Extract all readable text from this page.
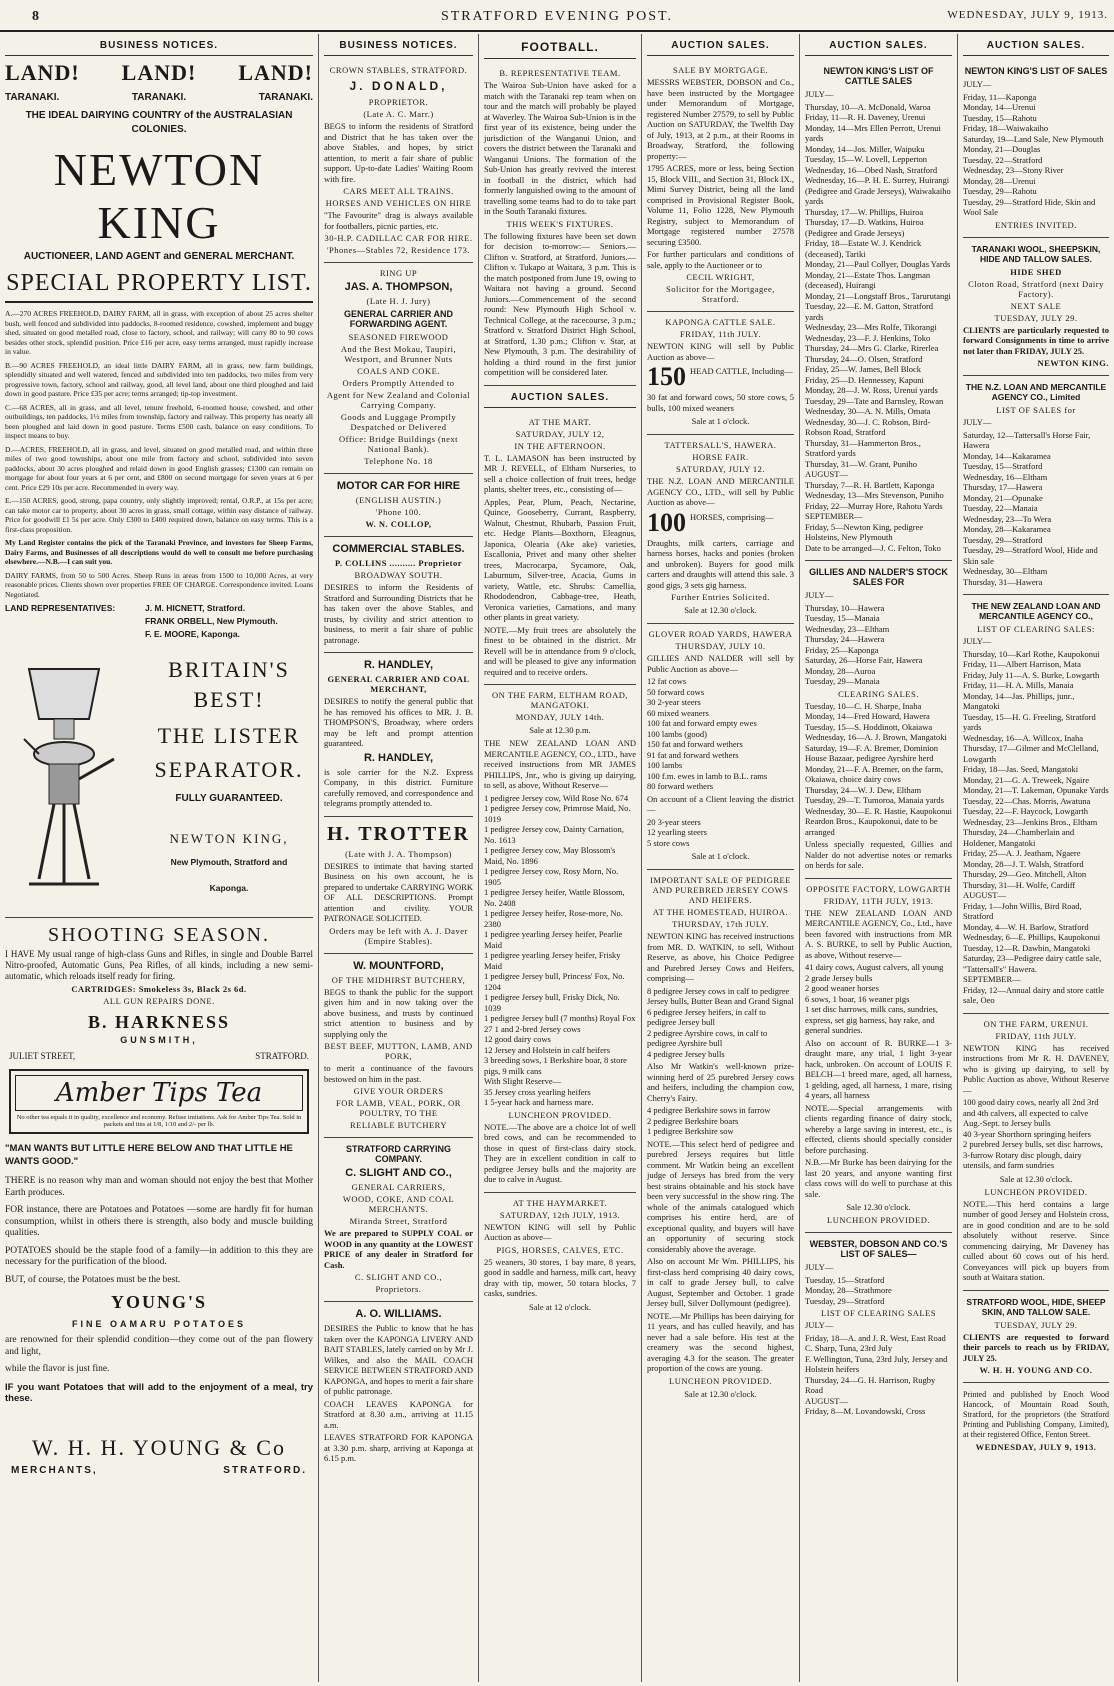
8	STRATFORD EVENING POST.	WEDNESDAY, JULY 9, 1913.
BUSINESS NOTICES.
LAND! LAND! LAND!
TARANAKI.	TARANAKI.	TARANAKI.
THE IDEAL DAIRYING COUNTRY of the AUSTRALASIAN COLONIES.
NEWTON KING
AUCTIONEER, LAND AGENT and GENERAL MERCHANT.
SPECIAL PROPERTY LIST.
A.—270 ACRES FREEHOLD, DAIRY FARM, all in grass, with exception of about 25 acres shelter bush, well fenced and subdivided into paddocks, 8-roomed residence, cowshed, implement and buggy shed, situated on good metalled road, close to factory, school, and railway; will carry 80 to 90 cows besides other stock, splendid position. Price £16 per acre, easy terms arranged, must rapidly increase in value.
B.—90 ACRES FREEHOLD, an ideal little DAIRY FARM, all in grass, new farm buildings, splendidly situated and well watered, fenced and subdivided into ten paddocks, two miles from very progressive town, factory, school and railway, good, all level land, about one third ploughed and laid down in good pasture. Price £35 per acre; terms arranged; tip-top investment.
C.—68 ACRES, all in grass, and all level, tenure freehold, 6-roomed house, cowshed, and other outbuildings, ten paddocks, 1½ miles from township, factory and railway. This property has nearly all been ploughed and laid down in good pasture. Terms £500 cash, balance on easy conditions. To inspect means to buy.
D.—ACRES, FREEHOLD, all in grass, and level, situated on good metalled road, and within three miles of two good townships, about one mile from factory and school, subdivided into seven paddocks, about 30 acres ploughed and relaid down in good English grasses; £1300 can remain on mortgage for about four years at 6 per cent, and £800 on second mortgage for seven years at 6 per cent. Price £29 10s per acre. Recommended in every way.
E.—150 ACRES, good, strong, papa country, only slightly improved; rental, O.R.P., at 15s per acre; can take motor car to property, about 30 acres in grass, small cottage, within easy distance of railway. Price for goodwill £1 5s per acre. Only £300 to £400 required down, balance on easy terms. This is a first-class proposition.
My Land Register contains the pick of the Taranaki Province, and investors for Sheep Farms, Dairy Farms, and Businesses of all descriptions would do well to consult me before purchasing elsewhere.—N.B.—I can suit you.
DAIRY FARMS, from 50 to 500 Acres. Sheep Runs in areas from 1500 to 10,000 Acres, at very reasonable prices. Clients shown over properties FREE OF CHARGE. Correspondence invited. Loans Negotiated.
LAND REPRESENTATIVES:	J. M. HICNETT, Stratford.
FRANK ORBELL, New Plymouth.
F. E. MOORE, Kaponga.
BRITAIN'S
BEST!
THE LISTER
SEPARATOR.
FULLY GUARANTEED.
NEWTON KING,
New Plymouth, Stratford and
Kaponga.
SHOOTING SEASON.
I HAVE My usual range of high-class Guns and Rifles, in single and Double Barrel Nitro-proofed, Automatic Guns, Pea Rifles, of all kinds, including a new semi-automatic, which reloads itself ready for firing.
CARTRIDGES: Smokeless 3s, Black 2s 6d.
ALL GUN REPAIRS DONE.
B. HARKNESS
GUNSMITH,
JULIET STREET,	STRATFORD.
Amber Tips Tea
No other tea equals it in quality, excellence and economy. Refuse imitations. Ask for Amber Tips Tea. Sold in packets and tins at 1/8, 1/10 and 2/- per lb.
"MAN WANTS BUT LITTLE HERE BELOW AND THAT LITTLE HE WANTS GOOD."
THERE is no reason why man and woman should not enjoy the best that Mother Earth produces.
FOR instance, there are Potatoes and Potatoes —some are hardly fit for human consumption, whilst in others there is strength, also body and muscle building qualities.
POTATOES should be the staple food of a family—in addition to this they are necessary for the purification of the blood.
BUT, of course, the Potatoes must be the best.
YOUNG'S
FINE OAMARU POTATOES
are renowned for their splendid condition—they come out of the pan flowery and light,
while the flavor is just fine.
IF you want Potatoes that will add to the enjoyment of a meal, try these.
W. H. H. YOUNG & Co
MERCHANTS,	STRATFORD.
BUSINESS NOTICES.
CROWN STABLES, STRATFORD.
J. DONALD,
PROPRIETOR.
(Late A. C. Marr.)
BEGS to inform the residents of Stratford and District that he has taken over the above Stables, and hopes, by strict attention, to merit a fair share of public support. Up-to-date Ladies' Waiting Room with fire.
CARS MEET ALL TRAINS.
HORSES AND VEHICLES ON HIRE
"The Favourite" drag is always available for footballers, picnic parties, etc.
30-H.P. CADILLAC CAR FOR HIRE.
'Phones—Stables 72, Residence 173.
RING UP
JAS. A. THOMPSON,
(Late H. J. Jury)
GENERAL CARRIER AND FORWARDING AGENT.
SEASONED FIREWOOD
And the Best Mokau, Taupiri, Westport, and Brunner Nuts
COALS AND COKE.
Orders Promptly Attended to
Agent for New Zealand and Colonial Carrying Company.
Goods and Luggage Promptly Despatched or Delivered
Office: Bridge Buildings (next National Bank).
Telephone No. 18
MOTOR CAR FOR HIRE
(ENGLISH AUSTIN.)
'Phone 100.
W. N. COLLOP,
COMMERCIAL STABLES.
P. COLLINS .......... Proprietor
BROADWAY SOUTH.
DESIRES to inform the Residents of Stratford and Surrounding Districts that he has taken over the above Stables, and trusts, by civility and strict attention to business, to merit a fair share of public patronage.
R. HANDLEY,
GENERAL CARRIER AND COAL MERCHANT,
DESIRES to notify the general public that he has removed his offices to MR. J. B. THOMPSON'S, Broadway, where orders may be left and prompt attention guaranteed.
R. HANDLEY,
is sole carrier for the N.Z. Express Company, in this district. Furniture carefully removed, and correspondence and telegrams promptly attended to.
H. TROTTER
(Late with J. A. Thompson)
DESIRES to intimate that having started Business on his own account, he is prepared to undertake CARRYING WORK OF ALL DESCRIPTIONS. Prompt attention and civility. YOUR PATRONAGE SOLICITED.
Orders may be left with A. J. Daver (Empire Stables).
W. MOUNTFORD,
OF THE MIDHIRST BUTCHERY,
BEGS to thank the public for the support given him and in now taking over the above business, and trusts by continued strict attention to business and by supplying only the
BEST BEEF, MUTTON, LAMB, AND PORK,
to merit a continuance of the favours bestowed on him in the past.
GIVE YOUR ORDERS
FOR LAMB, VEAL, PORK, OR POULTRY, TO THE
RELIABLE BUTCHERY
STRATFORD CARRYING COMPANY.
C. SLIGHT AND CO.,
GENERAL CARRIERS,
WOOD, COKE, AND COAL MERCHANTS.
Miranda Street, Stratford
We are prepared to SUPPLY COAL or WOOD in any quantity at the LOWEST PRICE of any dealer in Stratford for Cash.
C. SLIGHT AND CO.,
Proprietors.
A. O. WILLIAMS.
DESIRES the Public to know that he has taken over the KAPONGA LIVERY AND BAIT STABLES, lately carried on by Mr J. Wilkes, and also the MAIL COACH SERVICE BETWEEN STRATFORD AND KAPONGA, and hopes to merit a fair share of public patronage.
COACH LEAVES KAPONGA for Stratford at 8.30 a.m., arriving at 11.15 a.m.
LEAVES STRATFORD FOR KAPONGA at 3.30 p.m. sharp, arriving at Kaponga at 6.15 p.m.
FOOTBALL.
B. REPRESENTATIVE TEAM.
The Wairoa Sub-Union have asked for a match with the Taranaki rep team when on tour and the match will probably be played at Waverley. The Wairoa Sub-Union is in the first year of its existence, being under the jurisdiction of the Wanganui Union, and covers the district between the Taranaki and Wanganui Unions. The formation of the Sub-Union has greatly revived the interest in football in the district, which had formerly languished owing to the amount of travelling some teams had to do to take part in the South Taranaki fixtures.
THIS WEEK'S FIXTURES.
The following fixtures have been set down for decision to-morrow:— Seniors.—Clifton v. Stratford, at Stratford. Juniors.—Clifton v. Tukapo at Waitara, 3 p.m. This is the match postponed from June 19, owing to Waitara not having a ground. Second Juniors.—Commencement of the second round: New Plymouth High School v. Technical College, at the racecourse, 3 p.m.; Stratford v. Stratford District High School, at Stratford, 1.30 p.m.; Clifton v. Star, at New Plymouth, 3 p.m. The desirability of holding a third round in the first junior competition will be considered later.
AUCTION SALES.
AT THE MART.
SATURDAY, JULY 12,
IN THE AFTERNOON.
T. L. LAMASON has been instructed by MR J. REVELL, of Eltham Nurseries, to sell a choice collection of fruit trees, hedge plants, shelter trees, etc., consisting of—
Apples, Pear, Plum, Peach, Nectarine, Quince, Gooseberry, Currant, Raspberry, Walnut, Chestnut, Rhubarb, Passion Fruit, etc. Hedge Plants—Boxthorn, Eleagnus, Japonica, Olearia (Ake ake) varieties, Escallonia, Privet and many other shelter trees, Macrocarpa, Sycamore, Oak, Laburnum, Silver-tree, Acacia, Gums in variety, Wattle, etc. Shrubs: Camellia, Rhododendron, Cabbage-tree, Heath, Veronica varieties, Carnations, and many other plants in great variety.
NOTE.—My fruit trees are absolutely the finest to be obtained in the district. Mr Revell will be in attendance from 9 o'clock, and will be pleased to give any information required and to receive orders.
ON THE FARM, ELTHAM ROAD, MANGATOKI.
MONDAY, JULY 14th.
Sale at 12.30 p.m.
THE NEW ZEALAND LOAN AND MERCANTILE AGENCY, CO., LTD., have received instructions from MR JAMES PHILLIPS, Jnr., who is giving up dairying, to sell, as above, Without Reserve—
1 pedigree Jersey cow, Wild Rose No. 674
1 pedigree Jersey cow, Primrose Maid, No. 1019
1 pedigree Jersey cow, Dainty Carnation, No. 1613
1 pedigree Jersey cow, May Blossom's Maid, No. 1896
1 pedigree Jersey cow, Rosy Morn, No. 1905
1 pedigree Jersey heifer, Wattle Blossom, No. 2408
1 pedigree Jersey heifer, Rose-more, No. 2380
1 pedigree yearling Jersey heifer, Pearlie Maid
1 pedigree yearling Jersey heifer, Frisky Maid
1 pedigree Jersey bull, Princess' Fox, No. 1204
1 pedigree Jersey bull, Frisky Dick, No. 1039
1 pedigree Jersey bull (7 months) Royal Fox
27 1 and 2-bred Jersey cows
12 good dairy cows
12 Jersey and Holstein in calf heifers
3 breeding sows, 1 Berkshire boar, 8 store pigs, 9 milk cans
With Slight Reserve—
35 Jersey cross yearling heifers
1 5-year hack and harness mare.
LUNCHEON PROVIDED.
NOTE.—The above are a choice lot of well bred cows, and can be recommended to those in quest of first-class dairy stock. They are in excellent condition in calf to pedigree Jersey bulls and the majority are due to calve in August.
AT THE HAYMARKET.
SATURDAY, 12th JULY, 1913.
NEWTON KING will sell by Public Auction as above—
PIGS, HORSES, CALVES, ETC.
25 weaners, 30 stores, 1 bay mare, 8 years, good in saddle and harness, milk cart, heavy dray with tip, mower, 50 totara blocks, 7 casks, sundries.
Sale at 12 o'clock.
AUCTION SALES.
SALE BY MORTGAGE.
MESSRS WEBSTER, DOBSON and Co., have been instructed by the Mortgagee under Memorandum of Mortgage, registered Number 27579, to sell by Public Auction on SATURDAY, the Twelfth Day of July, 1913, at 2 p.m., at their Rooms in Broadway, Stratford, the following property:—
1795 ACRES, more or less, being Section 15, Block VIII., and Section 31, Block IX., Mimi Survey District, being all the land comprised in Provisional Register Book, Volume 11, Folio 1228, New Plymouth Registry, subject to Memorandum of Mortgage registered number 27578 securing £3500.
For further particulars and conditions of sale, apply to the Auctioneer or to
CECIL WRIGHT,
Solicitor for the Mortgagee, Stratford.
KAPONGA CATTLE SALE.
FRIDAY, 11th JULY.
NEWTON KING will sell by Public Auction as above—
150 HEAD CATTLE, Including—
30 fat and forward cows, 50 store cows, 5 bulls, 100 mixed weaners
Sale at 1 o'clock.
TATTERSALL'S, HAWERA.
HORSE FAIR.
SATURDAY, JULY 12.
THE N.Z. LOAN AND MERCANTILE AGENCY CO., LTD., will sell by Public Auction as above—
100 HORSES, comprising—
Draughts, milk carters, carriage and harness horses, hacks and ponies (broken and unbroken). Buyers for good milk carters and draughts will attend this sale. 3 good gigs, 3 sets gig harness.
Further Entries Solicited.
Sale at 12.30 o'clock.
GLOVER ROAD YARDS, HAWERA
THURSDAY, JULY 10.
GILLIES AND NALDER will sell by Public Auction as above—
12 fat cows
50 forward cows
30 2-year steers
60 mixed weaners
100 fat and forward empty ewes
100 lambs (good)
150 fat and forward wethers
91 fat and forward wethers
100 lambs
100 f.m. ewes in lamb to B.L. rams
80 forward wethers
On account of a Client leaving the district—
20 3-year steers
12 yearling steers
5 store cows
Sale at 1 o'clock.
IMPORTANT SALE OF PEDIGREE AND PUREBRED JERSEY COWS AND HEIFERS.
AT THE HOMESTEAD, HUIROA.
THURSDAY, 17th JULY.
NEWTON KING has received instructions from MR. D. WATKIN, to sell, Without Reserve, as above, his Choice Pedigree and Purebred Jersey Cows and Heifers, comprising—
8 pedigree Jersey cows in calf to pedigree Jersey bulls, Butter Bean and Grand Signal
6 pedigree Jersey heifers, in calf to pedigree Jersey bull
2 pedigree Ayrshire cows, in calf to pedigree Ayrshire bull
4 pedigree Jersey bulls
Also Mr Watkin's well-known prize-winning herd of 25 purebred Jersey cows and heifers, including the champion cow, Cherry's Fairy.
4 pedigree Berkshire sows in farrow
2 pedigree Berkshire boars
1 pedigree Berkshire sow
NOTE.—This select herd of pedigree and purebred Jerseys requires but little comment. Mr Watkin being an excellent judge of Jerseys has bred from the very best strains obtainable and his stock have been very successful in the show ring. The whole of the animals catalogued which comprises his entire herd, are of exceptional quality, and buyers will have an opportunity of securing stock considerably above the average.
Also on account Mr Wm. PHILLIPS, his first-class herd comprising 40 dairy cows, in calf to grade Jersey bull, to calve August, September and October. 1 grade Jersey bull, Silver Dollymount (pedigree).
NOTE.—Mr Phillips has been dairying for 11 years, and has culled heavily, and has never had a sale before. His test at the creamery was the second highest, averaging 4.3 for the season. The greater proportion of the cows are young.
LUNCHEON PROVIDED.
Sale at 12.30 o'clock.
AUCTION SALES.
NEWTON KING'S LIST OF CATTLE SALES
JULY—
Thursday, 10—A. McDonald, Waroa
Friday, 11—R. H. Daveney, Urenui
Monday, 14—Mrs Ellen Perrott, Urenui yards
Monday, 14—Jos. Miller, Waipuku
Tuesday, 15—W. Lovell, Lepperton
Wednesday, 16—Obed Nash, Stratford
Wednesday, 16—P. H. E. Surrey, Huirangi (Pedigree and Grade Jerseys), Waiwakaiho yards
Thursday, 17—W. Phillips, Huiroa
Thursday, 17—D. Watkins, Huiroa (Pedigree and Grade Jerseys)
Friday, 18—Estate W. J. Kendrick (deceased), Tariki
Monday, 21—Paul Collyer, Douglas Yards
Monday, 21—Estate Thos. Langman (deceased), Huirangi
Monday, 21—Longstaff Bros., Tarurutangi
Tuesday, 22—E. M. Gatton, Stratford yards
Wednesday, 23—Mrs Rolfe, Tikorangi
Wednesday, 23—F. J. Henkins, Toko
Thursday, 24—Mrs G. Clarke, Rirerlea
Thursday, 24—O. Olsen, Stratford
Friday, 25—W. James, Bell Block
Friday, 25—D. Hennessey, Kapuni
Monday, 28—J. W. Ross, Urenui yards
Tuesday, 29—Tate and Barnsley, Rowan
Wednesday, 30—A. N. Mills, Omata
Wednesday, 30—J. C. Robson, Bird-Robson Road, Stratford
Thursday, 31—Hammerton Bros., Stratford yards
Thursday, 31—W. Grant, Puniho
AUGUST—
Thursday, 7—R. H. Bartlett, Kaponga
Wednesday, 13—Mrs Stevenson, Puniho
Friday, 22—Murray Hore, Rahotu Yards
SEPTEMBER—
Friday, 5—Newton King, pedigree Holsteins, New Plymouth
Date to be arranged—J. C. Felton, Toko
GILLIES AND NALDER'S STOCK SALES FOR
JULY—
Thursday, 10—Hawera
Tuesday, 15—Manaia
Wednesday, 23—Eltham
Thursday, 24—Hawera
Friday, 25—Kaponga
Saturday, 26—Horse Fair, Hawera
Monday, 28—Auroa
Tuesday, 29—Manaia
CLEARING SALES.
Tuesday, 10—C. H. Sharpe, Inaha
Monday, 14—Fred Howard, Hawera
Tuesday, 15—S. Hoddinott, Okaiawa
Wednesday, 16—A. J. Brown, Mangatoki
Saturday, 19—F. A. Bremer, Dominion House Bazaar, pedigree Ayrshire herd
Monday, 21—F. A. Bremer, on the farm, Okaiawa, choice dairy cows
Thursday, 24—W. J. Dew, Eltham
Tuesday, 29—T. Tumoroa, Manaia yards
Wednesday, 30—E. R. Hastie, Kaupokonui
Reardon Bros., Kaupokonui, date to be arranged
Unless specially requested, Gillies and Nalder do not advertise notes or remarks on herds for sale.
OPPOSITE FACTORY, LOWGARTH
FRIDAY, 11TH JULY, 1913.
THE NEW ZEALAND LOAN AND MERCANTILE AGENCY, Co., Ltd., have been favored with instructions from MR A. S. BURKE, to sell by Public Auction, as above, Without reserve—
41 dairy cows, August calvers, all young
2 grade Jersey bulls
2 good weaner horses
6 sows, 1 boar, 16 weaner pigs
1 set disc harrows, milk cans, sundries, express, set gig harness, hay rake, and general sundries.
Also on account of R. BURKE—1 3-draught mare, any trial, 1 light 3-year hack, unbroken. On account of LOUIS F. BELCH—1 breed mare, aged, all harness, 1 gelding, aged, all harness, 1 mare, rising 4 years, all harness
NOTE.—Special arrangements with clients regarding finance of dairy stock, whereby a large saving in interest, etc., is effected, clients should specially consider before purchasing.
N.B.—Mr Burke has been dairying for the last 20 years, and anyone wanting first class cows will do well to purchase at this sale.
Sale 12.30 o'clock.
LUNCHEON PROVIDED.
WEBSTER, DOBSON AND CO.'S LIST OF SALES—
JULY—
Tuesday, 15—Stratford
Monday, 28—Strathmore
Tuesday, 29—Stratford
LIST OF CLEARING SALES
JULY—
Friday, 18—A. and J. R. West, East Road
C. Sharp, Tuna, 23rd July
F. Wellington, Tuna, 23rd July, Jersey and Holstein heifers
Thursday, 24—G. H. Harrison, Rugby Road
AUGUST—
Friday, 8—M. Lovandowski, Cross
AUCTION SALES.
NEWTON KING'S LIST OF SALES
JULY—
Friday, 11—Kaponga
Monday, 14—Urenui
Tuesday, 15—Rahotu
Friday, 18—Waiwakaiho
Saturday, 19—Land Sale, New Plymouth
Monday, 21—Douglas
Tuesday, 22—Stratford
Wednesday, 23—Stony River
Monday, 28—Urenui
Tuesday, 29—Rahotu
Tuesday, 29—Stratford Hide, Skin and Wool Sale
ENTRIES INVITED.
TARANAKI WOOL, SHEEPSKIN, HIDE AND TALLOW SALES.
HIDE SHED
Cloton Road, Stratford (next Dairy Factory).
NEXT SALE
TUESDAY, JULY 29.
CLIENTS are particularly requested to forward Consignments in time to arrive not later than FRIDAY, JULY 25.
NEWTON KING.
THE N.Z. LOAN AND MERCANTILE AGENCY CO., Limited
LIST OF SALES for
JULY—
Saturday, 12—Tattersall's Horse Fair, Hawera
Monday, 14—Kakaramea
Tuesday, 15—Stratford
Wednesday, 16—Eltham
Thursday, 17—Hawera
Monday, 21—Opunake
Tuesday, 22—Manaia
Wednesday, 23—To Wera
Monday, 28—Kakaramea
Tuesday, 29—Stratford
Tuesday, 29—Stratford Wool, Hide and Skin sale
Wednesday, 30—Eltham
Thursday, 31—Hawera
THE NEW ZEALAND LOAN AND MERCANTILE AGENCY CO.,
LIST OF CLEARING SALES:
JULY—
Thursday, 10—Karl Rothe, Kaupokonui
Friday, 11—Albert Harrison, Mata
Friday, July 11—A. S. Burke, Lowgarth
Friday, 11—H. A. Mills, Manaia
Monday, 14—Jas. Phillips, junr., Mangatoki
Tuesday, 15—H. G. Freeling, Stratford yards
Wednesday, 16—A. Willcox, Inaha
Thursday, 17—Gilmer and McClelland, Lowgarth
Friday, 18—Jas. Seed, Mangatoki
Monday, 21—G. A. Treweek, Ngaire
Monday, 21—T. Lakeman, Opunake Yards
Tuesday, 22—Chas. Morris, Awatuna
Tuesday, 22—F. Haycock, Lowgarth
Wednesday, 23—Jenkins Bros., Eltham
Thursday, 24—Chamberlain and Holdener, Mangatoki
Friday, 25—A. J. Jeatham, Ngaere
Monday, 28—J. T. Walsh, Stratford
Thursday, 29—Geo. Mitchell, Alton
Thursday, 31—H. Wolfe, Cardiff
AUGUST—
Friday, 1—John Willis, Bird Road, Stratford
Monday, 4—W. H. Barlow, Stratford
Wednesday, 6—E. Phillips, Kaupokonui
Tuesday, 12—R. Dawbin, Mangatoki
Saturday, 23—Pedigree dairy cattle sale, "Tattersall's" Hawera.
SEPTEMBER—
Friday, 12—Annual dairy and store cattle sale, Oeo
ON THE FARM, URENUI.
FRIDAY, 11th JULY.
NEWTON KING has received instructions from Mr R. H. DAVENEY, who is giving up dairying, to sell by Public Auction as above, Without Reserve—
100 good dairy cows, nearly all 2nd 3rd and 4th calvers, all expected to calve Aug.-Sept. to Jersey bulls
40 3-year Shorthorn springing heifers
2 purebred Jersey bulls, set disc harrows, 3-furrow Rotary disc plough, dairy utensils, and farm sundries
Sale at 12.30 o'clock.
LUNCHEON PROVIDED.
NOTE.—This herd contains a large number of good Jersey and Holstein cross, are in good condition and are to be sold absolutely without reserve. Since commencing dairying, Mr Daveney has culled about 60 cows out of his herd. Conveyances will pick up buyers from south at Waitara station.
STRATFORD WOOL, HIDE, SHEEP SKIN, AND TALLOW SALE.
TUESDAY, JULY 29.
CLIENTS are requested to forward their parcels to reach us by FRIDAY, JULY 25.
W. H. H. YOUNG AND CO.
Printed and published by Enoch Wood Hancock, of Mountain Road South, Stratford, for the proprietors (the Stratford Printing and Publishing Company, Limited), at their registered Office, Fenton Street.
WEDNESDAY, JULY 9, 1913.
